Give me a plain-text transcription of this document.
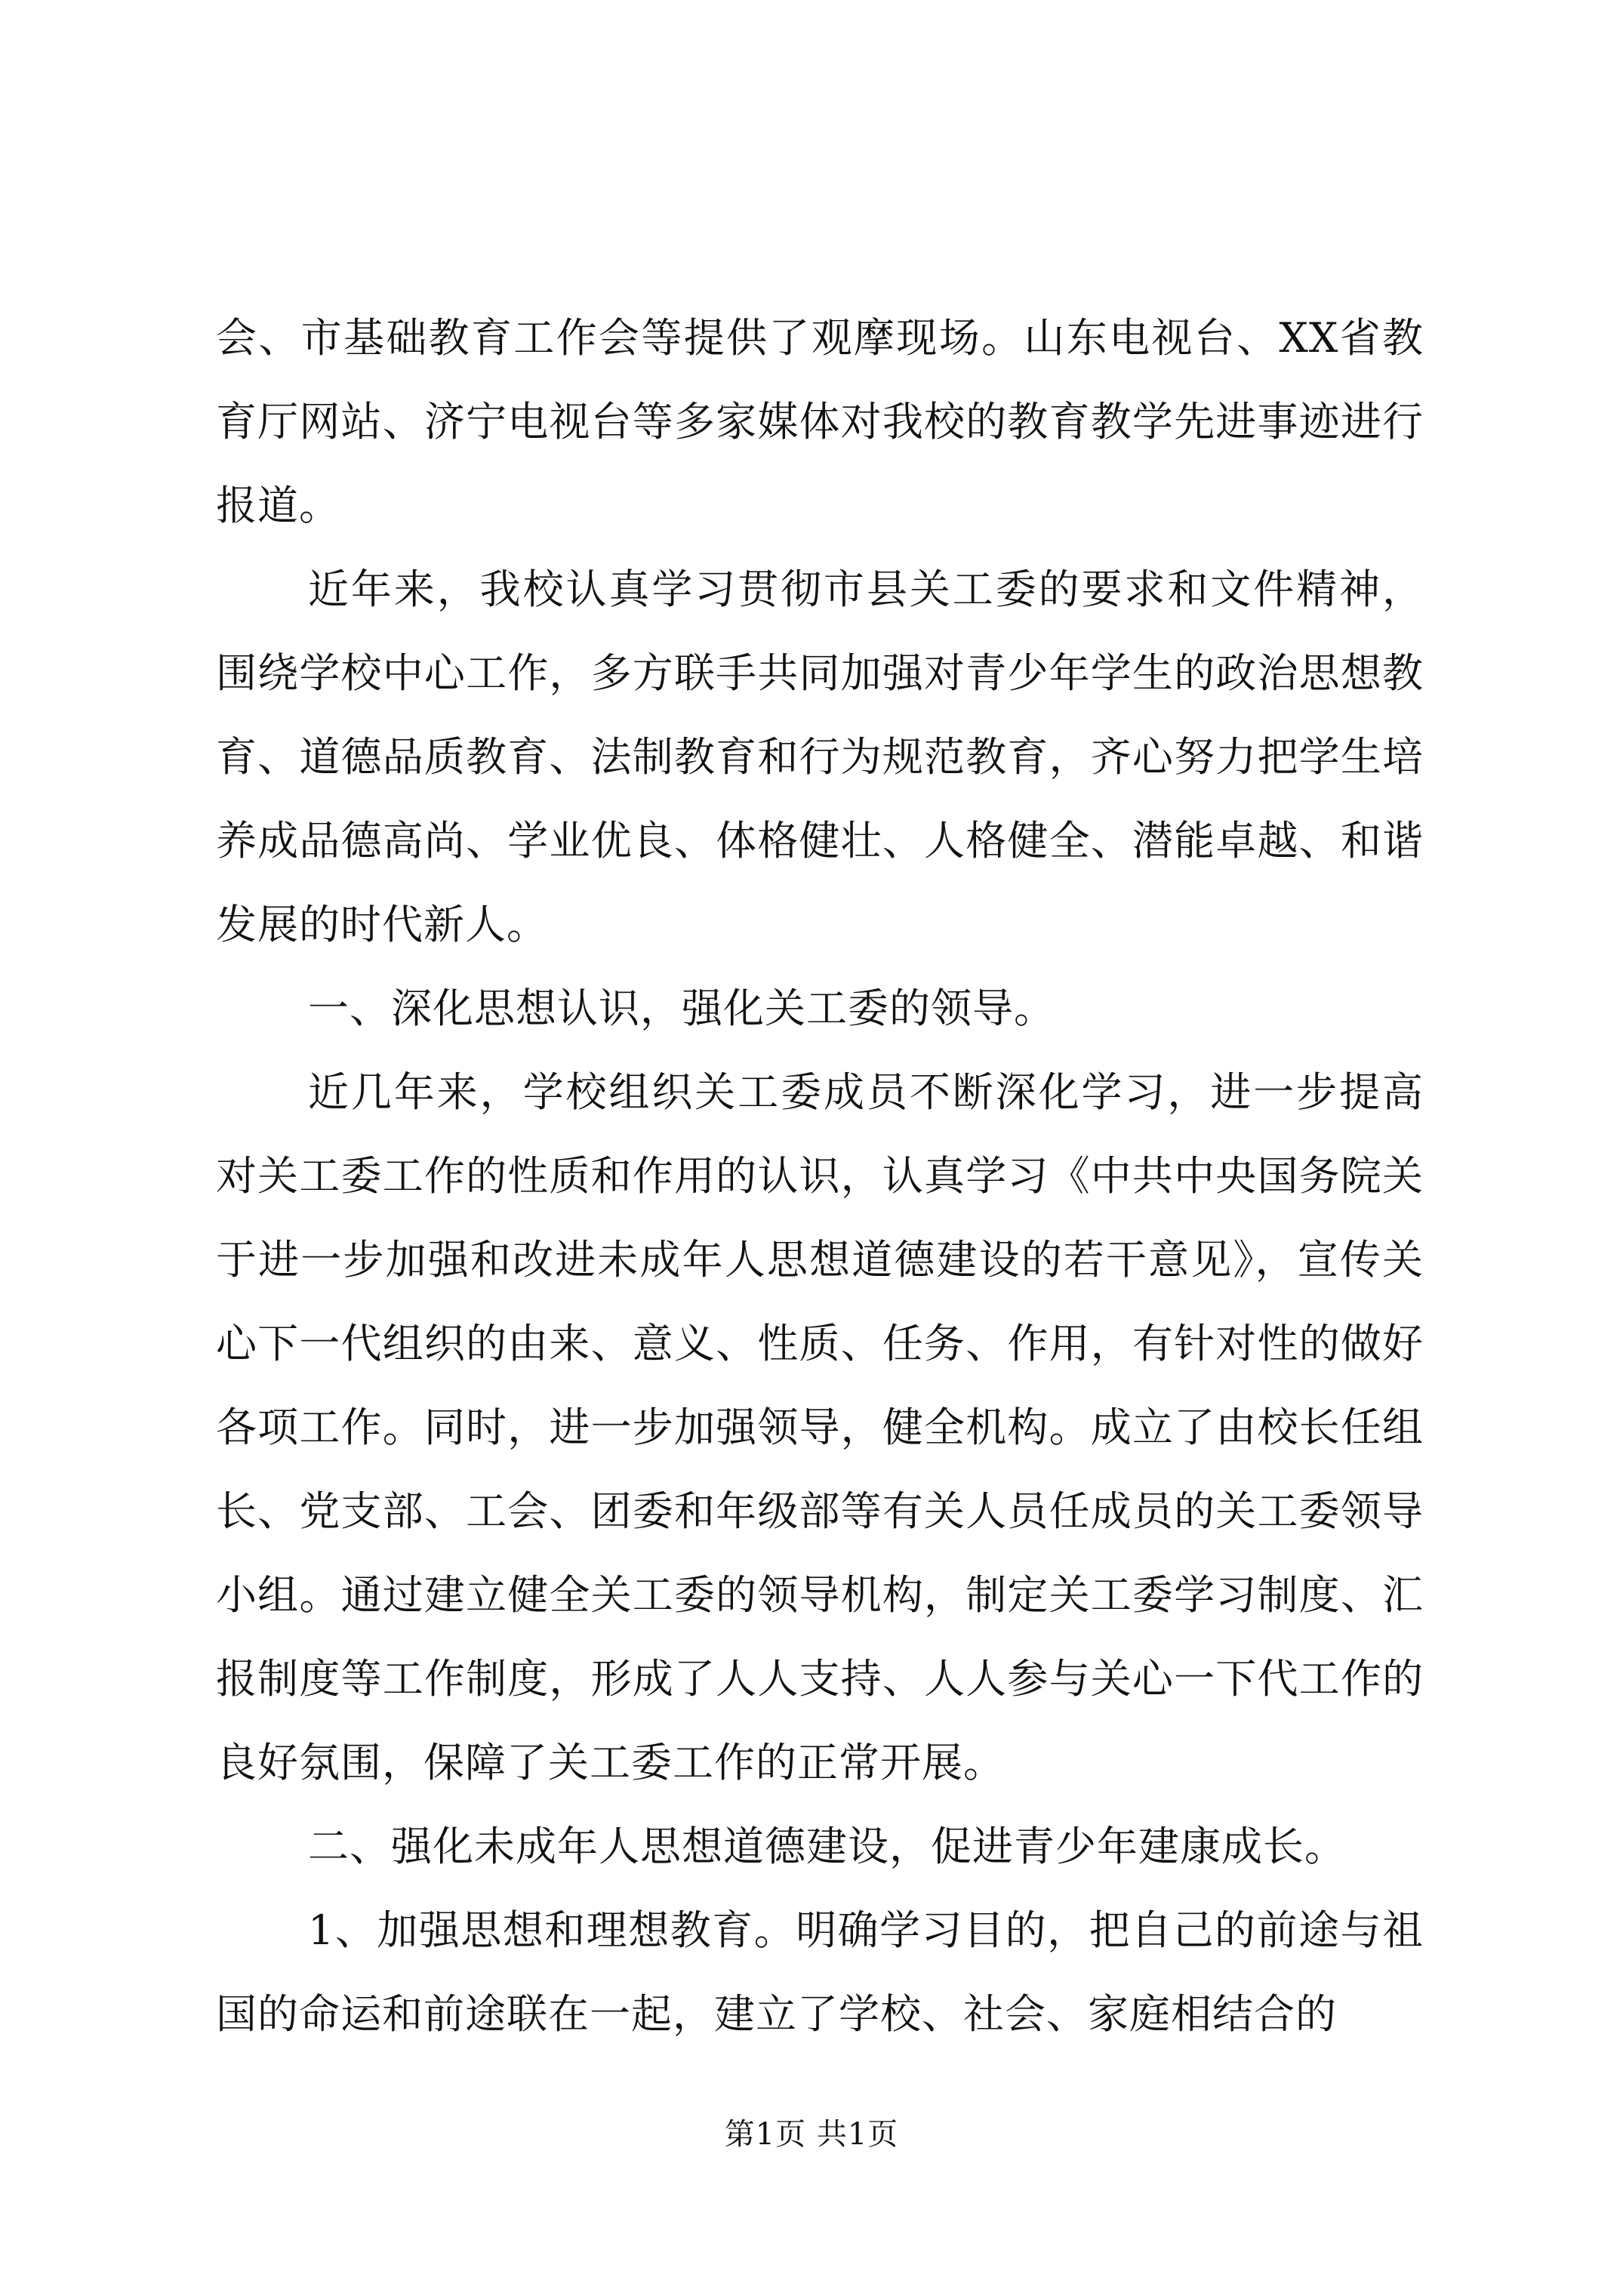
会、市基础教育工作会等提供了观摩现场。山东电视台、XX省教育厅网站、济宁电视台等多家媒体对我校的教育教学先进事迹进行报道。

近年来，我校认真学习贯彻市县关工委的要求和文件精神，围绕学校中心工作，多方联手共同加强对青少年学生的政治思想教育、道德品质教育、法制教育和行为规范教育，齐心努力把学生培养成品德高尚、学业优良、体格健壮、人格健全、潜能卓越、和谐发展的时代新人。

一、深化思想认识，强化关工委的领导。

近几年来，学校组织关工委成员不断深化学习，进一步提高对关工委工作的性质和作用的认识，认真学习《中共中央国务院关于进一步加强和改进未成年人思想道德建设的若干意见》，宣传关心下一代组织的由来、意义、性质、任务、作用，有针对性的做好各项工作。同时，进一步加强领导，健全机构。成立了由校长任组长、党支部、工会、团委和年级部等有关人员任成员的关工委领导小组。通过建立健全关工委的领导机构，制定关工委学习制度、汇报制度等工作制度，形成了人人支持、人人参与关心一下代工作的良好氛围，保障了关工委工作的正常开展。

二、强化未成年人思想道德建设，促进青少年建康成长。

1、加强思想和理想教育。明确学习目的，把自己的前途与祖国的命运和前途联在一起，建立了学校、社会、家庭相结合的

第1页 共1页
